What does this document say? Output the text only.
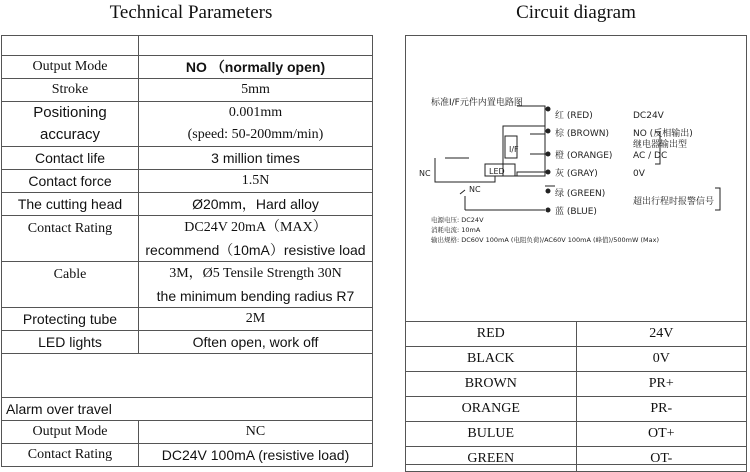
Technical Parameters	Circuit diagram

Output Mode	NO （normally open)
Stroke	5mm
Positioning accuracy	0.001mm
(speed: 50-200mm/min)

Contact life	3 million times
Contact force	1.5N
The cutting head	Ø20mm，Hard alloy
Contact Rating	DC24V 20mA（MAX）
recommend（10mA）resistive load

Cable	3M，Ø5 Tensile Strength 30N
the minimum bending radius R7

Protecting tube	2M
LED lights	Often open, work off

Alarm over travel	
Output Mode	NC
Contact Rating	DC24V 100mA (resistive load)
标准I/F元件内置电路图
I/F
LED
NC
NC
红 (RED)
棕 (BROWN)
橙 (ORANGE)
灰 (GRAY)
绿 (GREEN)
蓝 (BLUE)
DC24V
NO (反相输出)
继电器输出型
AC / DC
0V
超出行程时报警信号
电源电压: DC24V
消耗电流: 10mA
输出规格: DC60V 100mA (电阻负荷)/AC60V 100mA (峰值)/500mW (Max)
RED	24V
BLACK	0V
BROWN	PR+
ORANGE	PR-
BULUE	OT+
GREEN	OT-
